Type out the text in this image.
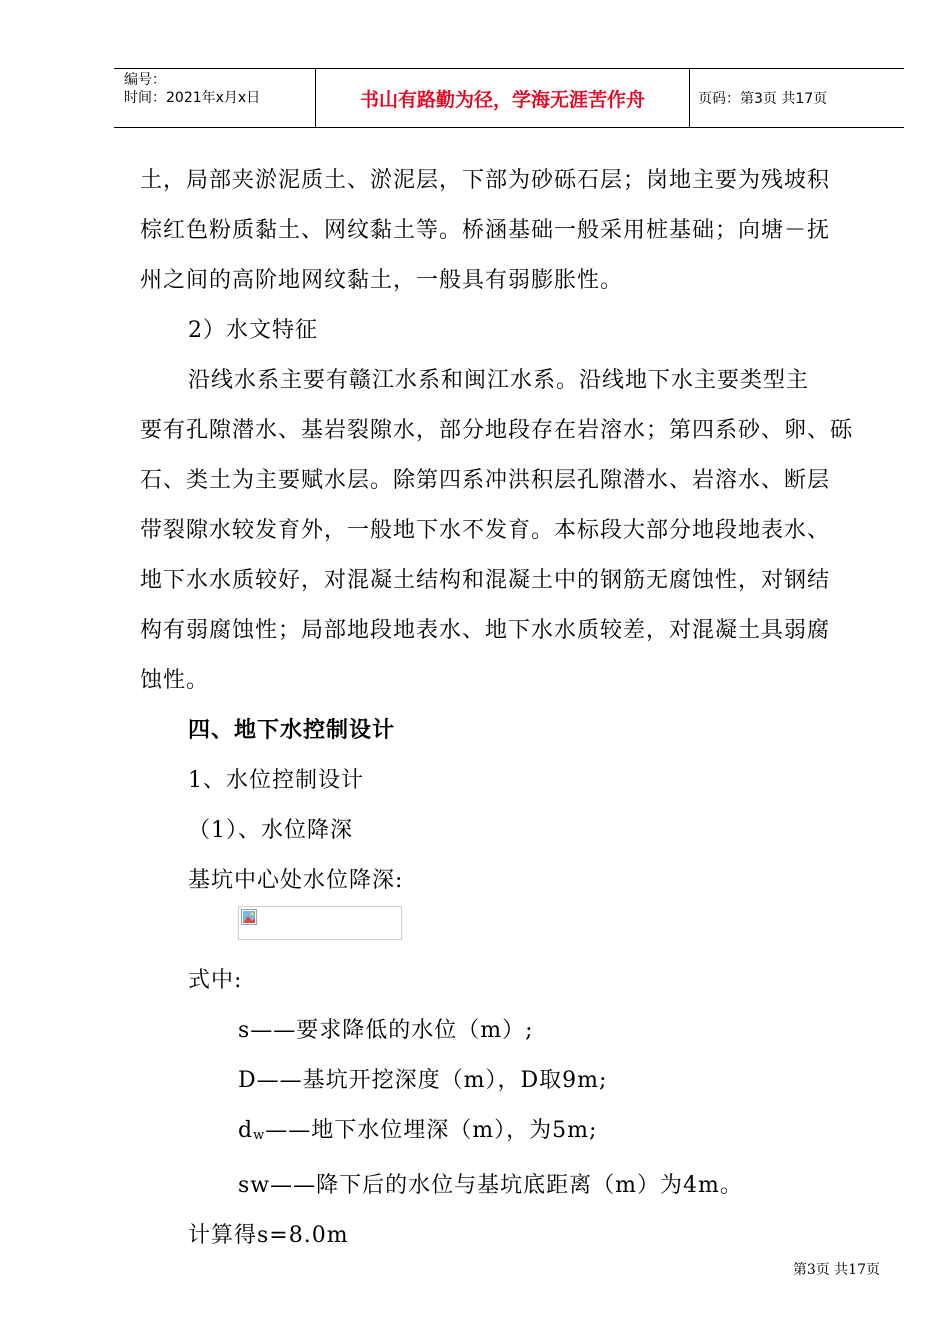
编号：
时间：2021年x月x日	书山有路勤为径，学海无涯苦作舟	页码：第3页 共17页

土，局部夹淤泥质土、淤泥层，下部为砂砾石层；岗地主要为残坡积

棕红色粉质黏土、网纹黏土等。桥涵基础一般采用桩基础；向塘－抚

州之间的高阶地网纹黏土，一般具有弱膨胀性。

2）水文特征

沿线水系主要有赣江水系和闽江水系。沿线地下水主要类型主

要有孔隙潜水、基岩裂隙水，部分地段存在岩溶水；第四系砂、卵、砾

石、类土为主要赋水层。除第四系冲洪积层孔隙潜水、岩溶水、断层

带裂隙水较发育外，一般地下水不发育。本标段大部分地段地表水、

地下水水质较好，对混凝土结构和混凝土中的钢筋无腐蚀性，对钢结

构有弱腐蚀性；局部地段地表水、地下水水质较差，对混凝土具弱腐

蚀性。

四、地下水控制设计

1、水位控制设计

（1）、水位降深

基坑中心处水位降深:

式中:

s——要求降低的水位（m）;

D——基坑开挖深度（m），D取9m;

$d_w——$地下水位埋深（m），为5m;

sw——降下后的水位与基坑底距离（m）为4m。

计算得s=8.0m

第3页 共17页
